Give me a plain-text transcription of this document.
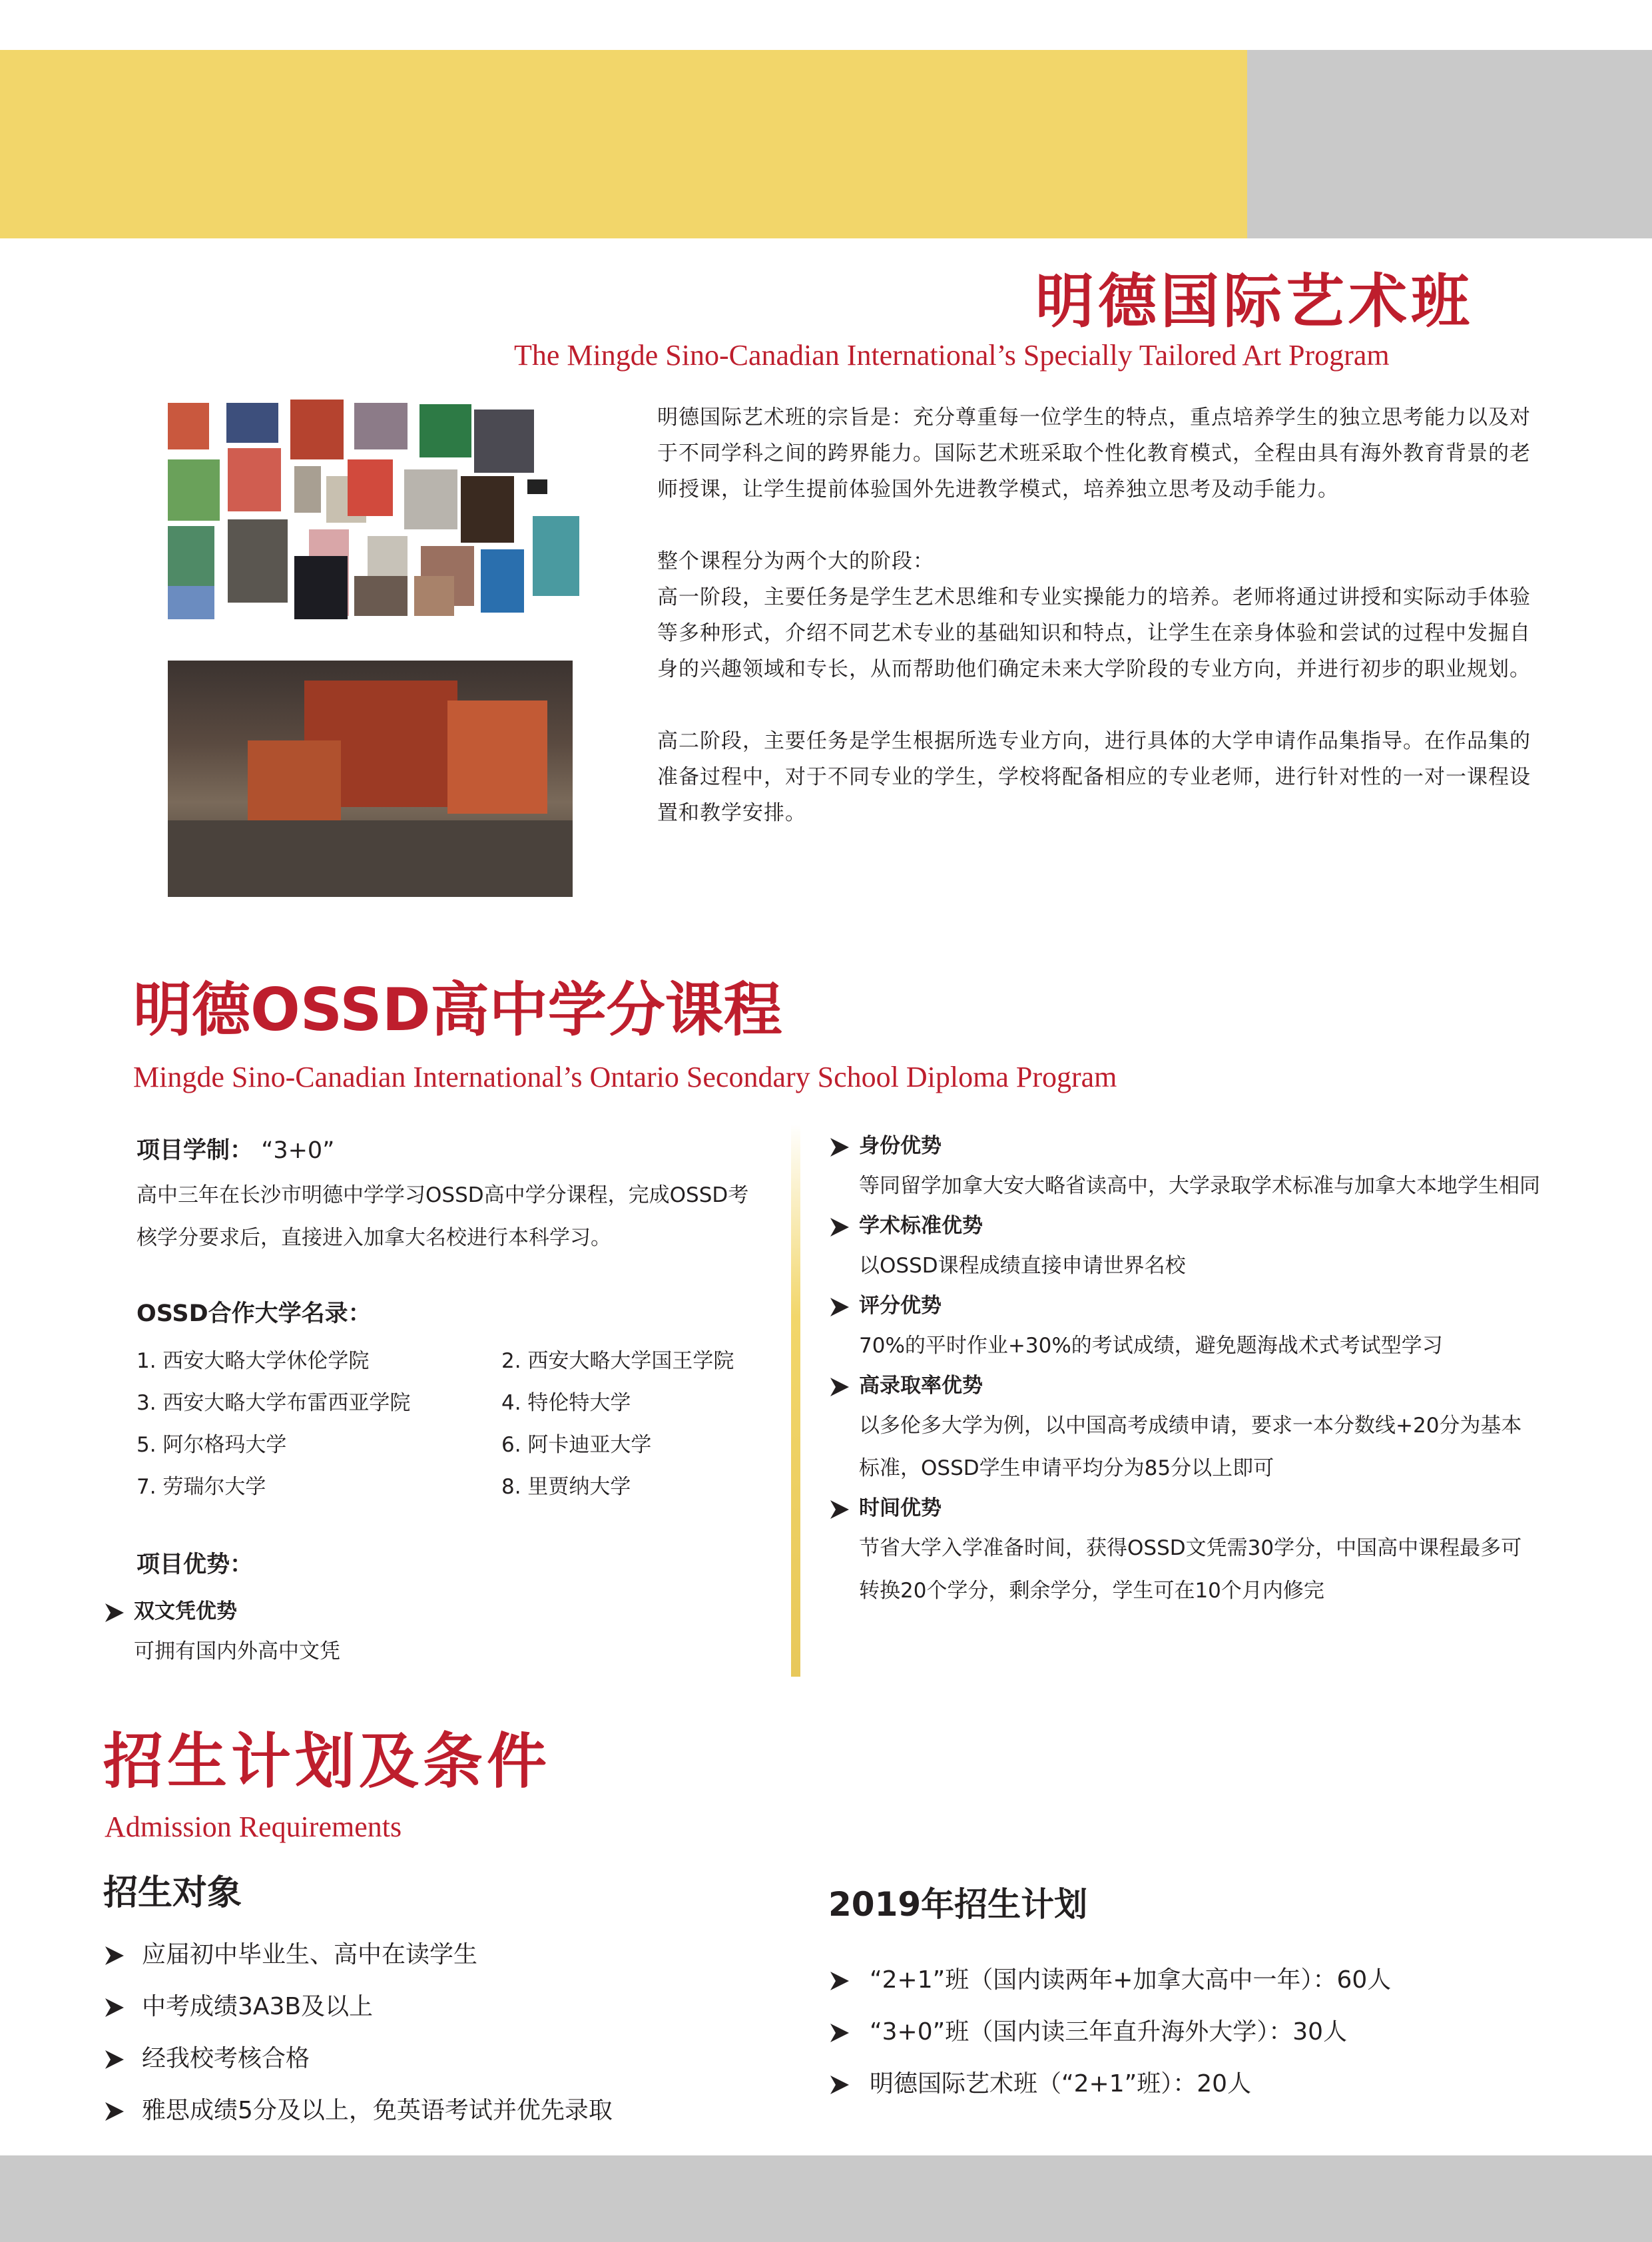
明德国际艺术班
The Mingde Sino-Canadian International’s Specially Tailored Art Program

明德国际艺术班的宗旨是：充分尊重每一位学生的特点，重点培养学生的独立思考能力以及对于不同学科之间的跨界能力。国际艺术班采取个性化教育模式，全程由具有海外教育背景的老师授课，让学生提前体验国外先进教学模式，培养独立思考及动手能力。

整个课程分为两个大的阶段：
高一阶段，主要任务是学生艺术思维和专业实操能力的培养。老师将通过讲授和实际动手体验等多种形式，介绍不同艺术专业的基础知识和特点，让学生在亲身体验和尝试的过程中发掘自身的兴趣领域和专长，从而帮助他们确定未来大学阶段的专业方向，并进行初步的职业规划。

高二阶段，主要任务是学生根据所选专业方向，进行具体的大学申请作品集指导。在作品集的准备过程中，对于不同专业的学生，学校将配备相应的专业老师，进行针对性的一对一课程设置和教学安排。

明德OSSD高中学分课程
Mingde Sino-Canadian International’s Ontario Secondary School Diploma Program
项目学制： “3+0”
高中三年在长沙市明德中学学习OSSD高中学分课程，完成OSSD考核学分要求后，直接进入加拿大名校进行本科学习。
OSSD合作大学名录：
1. 西安大略大学休伦学院	2. 西安大略大学国王学院
3. 西安大略大学布雷西亚学院	4. 特伦特大学
5. 阿尔格玛大学	6. 阿卡迪亚大学
7. 劳瑞尔大学	8. 里贾纳大学
项目优势：
双文凭优势
可拥有国内外高中文凭
身份优势
等同留学加拿大安大略省读高中，大学录取学术标准与加拿大本地学生相同
学术标准优势
以OSSD课程成绩直接申请世界名校
评分优势
70%的平时作业+30%的考试成绩，避免题海战术式考试型学习
高录取率优势
以多伦多大学为例，以中国高考成绩申请，要求一本分数线+20分为基本标准，OSSD学生申请平均分为85分以上即可
时间优势
节省大学入学准备时间，获得OSSD文凭需30学分，中国高中课程最多可转换20个学分，剩余学分，学生可在10个月内修完
招生计划及条件
Admission Requirements
招生对象
应届初中毕业生、高中在读学生
中考成绩3A3B及以上
经我校考核合格
雅思成绩5分及以上，免英语考试并优先录取
2019年招生计划
“2+1”班（国内读两年+加拿大高中一年）：60人
“3+0”班（国内读三年直升海外大学）：30人
明德国际艺术班（“2+1”班）：20人
